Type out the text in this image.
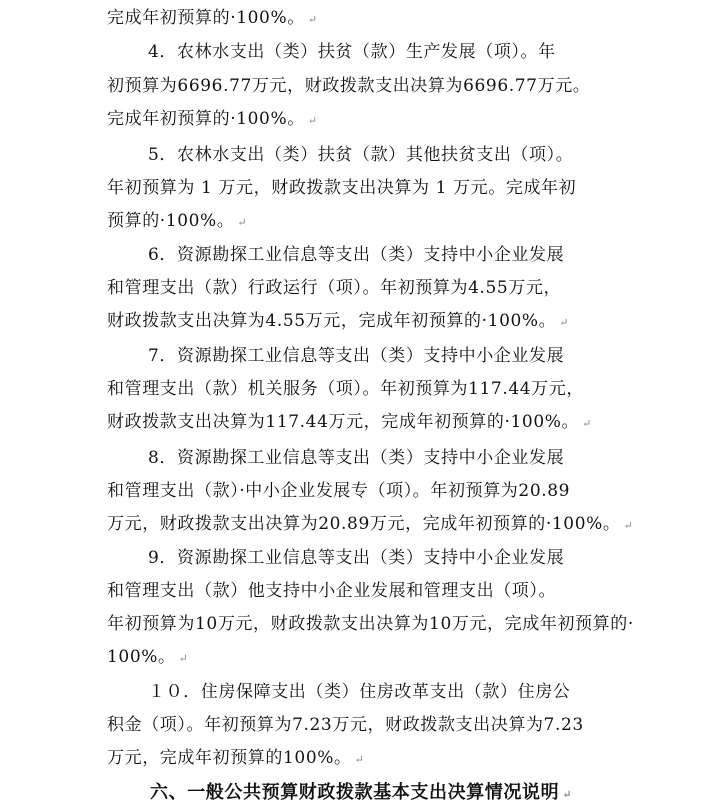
完成年初预算的·100%。 ↵
4．农林水支出（类）扶贫（款）生产发展（项）。年
初预算为6696.77万元，财政拨款支出决算为6696.77万元。
完成年初预算的·100%。 ↵
5．农林水支出（类）扶贫（款）其他扶贫支出（项）。
年初预算为 1 万元，财政拨款支出决算为 1 万元。完成年初
预算的·100%。 ↵
6．资源勘探工业信息等支出（类）支持中小企业发展
和管理支出（款）行政运行（项）。年初预算为4.55万元，
财政拨款支出决算为4.55万元，完成年初预算的·100%。 ↵
7．资源勘探工业信息等支出（类）支持中小企业发展
和管理支出（款）机关服务（项）。年初预算为117.44万元，
财政拨款支出决算为117.44万元，完成年初预算的·100%。 ↵
8．资源勘探工业信息等支出（类）支持中小企业发展
和管理支出（款）·中小企业发展专（项）。年初预算为20.89
万元，财政拨款支出决算为20.89万元，完成年初预算的·100%。 ↵
9．资源勘探工业信息等支出（类）支持中小企业发展
和管理支出（款）他支持中小企业发展和管理支出（项）。
年初预算为10万元，财政拨款支出决算为10万元，完成年初预算的·
100%。 ↵
１０．住房保障支出（类）住房改革支出（款）住房公
积金（项）。年初预算为7.23万元，财政拨款支出决算为7.23
万元，完成年初预算的100%。 ↵
六、一般公共预算财政拨款基本支出决算情况说明 ↵
